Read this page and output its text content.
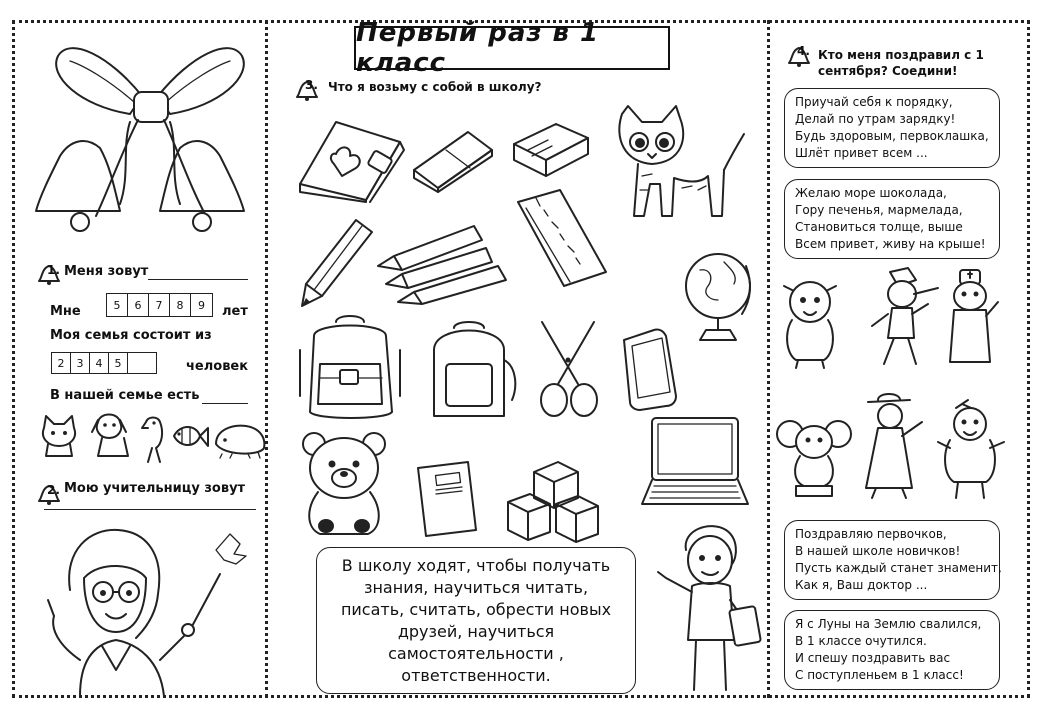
1. Меня зовут
Мне	5	6	7	8	9	лет
Моя семья состоит из
2	3	4	5	человек
В нашей семье есть
2. Мою учительницу зовут
Первый раз в 1 класс
3. Что я возьму с собой в школу?
В школу ходят, чтобы получать
знания, научиться читать,
писать, считать, обрести новых
друзей, научиться
самостоятельности ,
ответственности.
4. Кто меня поздравил с 1
сентября? Соедини!
Приучай себя к порядку,
Делай по утрам зарядку!
Будь здоровым, первоклашка,
Шлёт привет всем ...
Желаю море шоколада,
Гору печенья, мармелада,
Становиться толще, выше
Всем привет, живу на крыше!
Поздравляю первочков,
В нашей школе новичков!
Пусть каждый станет знаменит,
Как я, Ваш доктор ...
Я с Луны на Землю свалился,
В 1 классе очутился.
И спешу поздравить вас
С поступленьем в 1 класс!
